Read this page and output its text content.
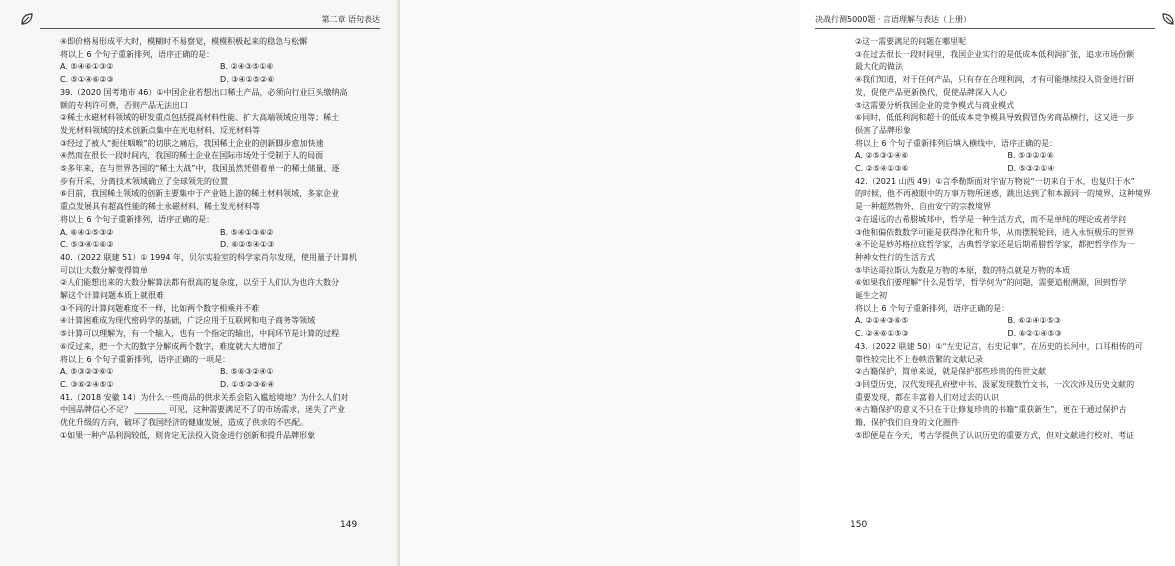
第二章 语句表达

④即价格易形成平大时，模糊时不易察觉，模模积极起来的稳急与松懈

将以上 6 个句子重新排列，语序正确的是：

A. ⑤④⑥①③②	B. ②④③⑤①⑥
C. ⑤①④⑥②③	D. ③④①⑤②⑥

39.（2020 国考地市 46）①中国企业若想出口稀土产品，必须向行业巨头缴纳高

额的专利许可费，否则产品无法出口

②稀土永磁材料领域的研发重点包括提高材料性能、扩大高端领域应用等；稀土

发光材料领域的技术创新点集中在光电材料、反光材料等

③经过了被人“扼住咽喉”的切肤之痛后，我国稀土企业的创新脚步愈加快速

④然而在很长一段时间内，我国的稀土企业在国际市场处于受制于人的局面

⑤多年来，在与世界各国的“稀土大战”中，我国虽然凭借着单一的稀土储量，逐

步有开采、分离技术领域确立了全球领先的位置

⑥目前，我国稀土领域的创新主要集中于产业链上游的稀土材料领域，多家企业

重点发展具有超高性能的稀土永磁材料、稀土发光材料等

将以上 6 个句子重新排列，语序正确的是：

A. ⑥④①⑤③②	B. ⑤④①③⑥②
C. ⑤③④①⑥②	D. ⑥②⑤④①③

40.（2022 联建 51）① 1994 年，贝尔实验室的科学家肖尔发现，使用量子计算机

可以让大数分解变得简单

②人们能想出来的大数分解算法都有很高的复杂度，以至于人们认为也许大数分

解这个计算问题本质上就很难

③不同的计算问题难度不一样，比如两个数字相乘并不难

④计算困难成为现代密码学的基础，广泛应用于互联网和电子商务等领域

⑤计算可以理解为，有一个输入，也有一个指定的输出，中间环节是计算的过程

⑥反过来，把一个大的数字分解成两个数字，难度就大大增加了

将以上 6 个句子重新排列，语序正确的一项是：

A. ⑤③②③⑥①	B. ⑤⑥③②④①
C. ③⑥②④⑤①	D. ①⑤②③⑥④

41.（2018 安徽 14）为什么一些商品的供求关系会陷入尴尬境地？为什么人们对

中国品牌信心不足？ ________ 可见，这种需要满足不了的市场需求，迷失了产业

优化升级的方向，破坏了我国经济的健康发展，造成了供求的不匹配。

①如果一种产品利润较低，则肯定无法投入资金进行创新和提升品牌形象

149
决战行测5000题 · 言语理解与表达（上册）

②这一需要满足的问题在哪里呢

③在过去很长一段时间里，我国企业实行的是低成本低利润扩张，追求市场份额

最大化的做法

④我们知道，对于任何产品，只有存在合理利润，才有可能继续投入资金进行研

发，促使产品更新换代，促使品牌深入人心

⑤这需要分析我国企业的竞争模式与商业模式

⑥同时，低低利润和超十的低成本竞争模具导致假冒伪劣商品横行，这又进一步

损害了品牌形象

将以上 6 个句子重新排列后填入横线中，语序正确的是：

A. ②⑤③①④⑥	B. ⑤③②①⑥
C. ②⑤④①③⑥	D. ⑤③②①④

42.（2021 山西 49）①言季勒斯面对宇宙万物说“一切来自于水，也复归于水”

的时候，他不再被眼中的万事万物所迷惑，跳出达到了和本源同一的境界，这种境界

是一种超然物外、自由安宁的宗教境界

②在遥远的古希腊城邦中，哲学是一种生活方式，而不是单纯的理论或者学问

③他和偏依数数学可能是获得净化和升华，从而摆脱轮回，进入永恒极乐的世界

④不论是妙苏格拉底哲学家，古典哲学家还是后期希腊哲学家，都把哲学作为一

种神女性行的生活方式

⑤毕达哥拉斯认为数是万物的本原，数的特点就是万物的本质

⑥如果我们要理解“什么是哲学，哲学何为”的问题，需要追根溯源，回到哲学

诞生之初

将以上 6 个句子重新排列，语序正确的是：

A. ②①④③⑥⑤	B. ⑥②④①⑤③
C. ②④⑥①⑤③	D. ⑥②①④⑤③

43.（2022 联建 50）①“左史记言，右史记事”，在历史的长河中，口耳相传的可

靠性较完比不上卷帙浩繁的文献记录

②古籍保护，简单来说，就是保护那些珍贵的传世文献

③回望历史，汉代发现孔府壁中书、汲冢发现数竹文书，一次次涉及历史文献的

重要发现，都在丰富着人们对过去的认识

④古籍保护的意义不只在于让修复珍贵的书籍“重获新生”，更在于通过保护古

籍，保护我们自身的文化圈件

⑤即便是在今天，考古学提供了认识历史的重要方式，但对文献进行校对、考证

150
